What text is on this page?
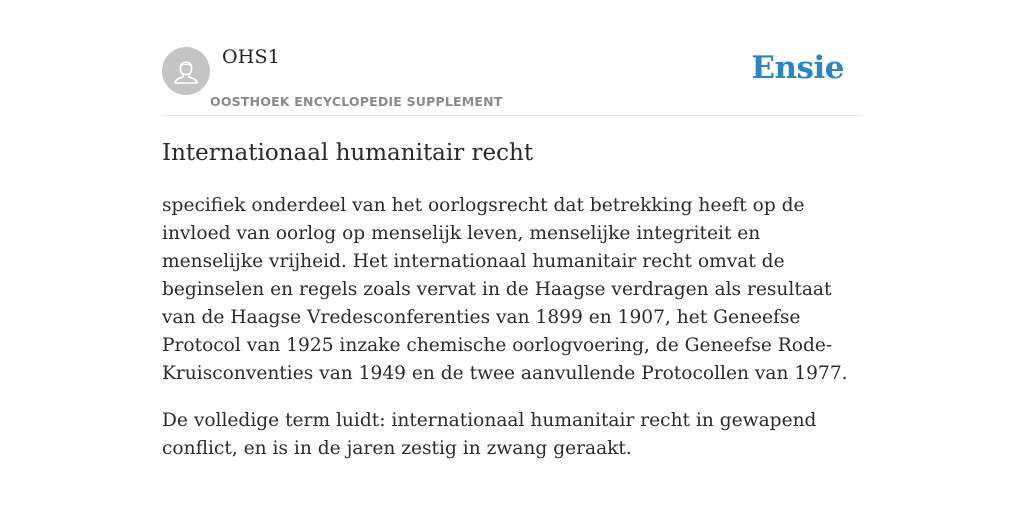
OHS1
OOSTHOEK ENCYCLOPEDIE SUPPLEMENT
Ensie
Internationaal humanitair recht

specifiek onderdeel van het oorlogsrecht dat betrekking heeft op de invloed van oorlog op menselijk leven, menselijke integriteit en menselijke vrijheid. Het internationaal humanitair recht omvat de beginselen en regels zoals vervat in de Haagse verdragen als resultaat van de Haagse Vredesconferenties van 1899 en 1907, het Geneefse Protocol van 1925 inzake chemische oorlogvoering, de Geneefse Rode-Kruisconventies van 1949 en de twee aanvullende Protocollen van 1977.

De volledige term luidt: internationaal humanitair recht in gewapend conflict, en is in de jaren zestig in zwang geraakt.
